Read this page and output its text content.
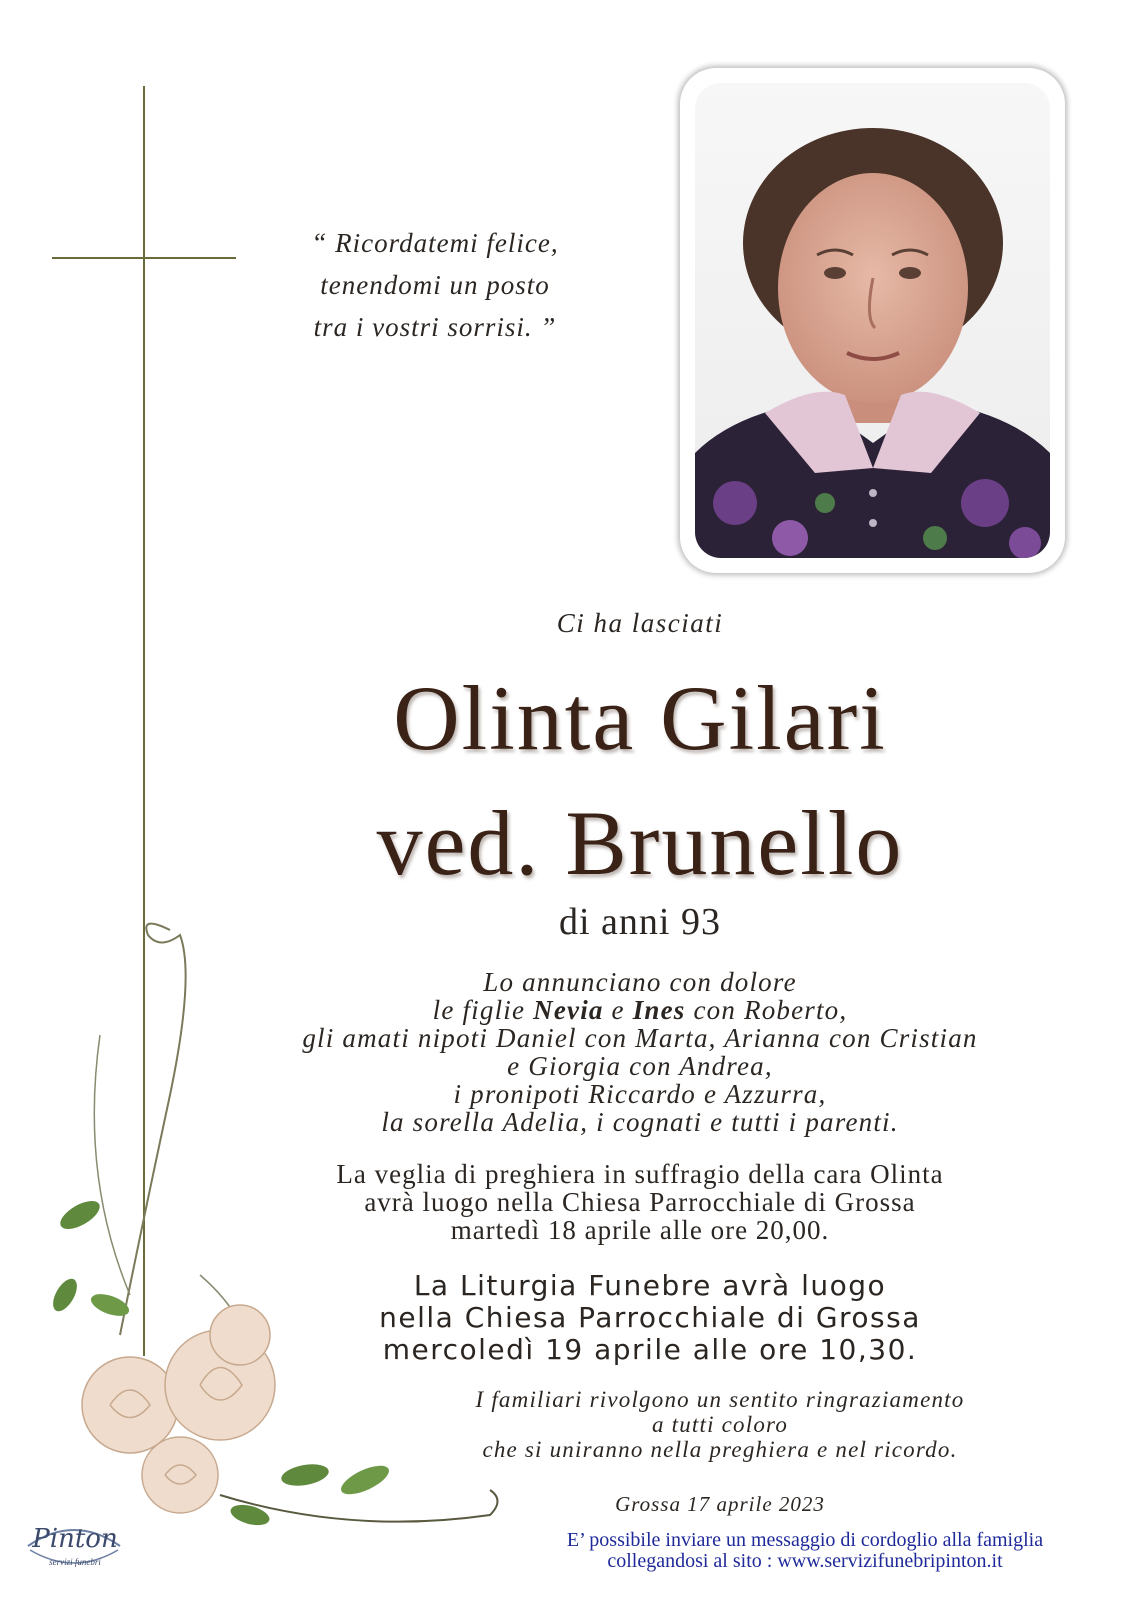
“ Ricordatemi felice,
tenendomi un posto
tra i vostri sorrisi. ”
Ci ha lasciati
Olinta Gilari
ved. Brunello
di anni 93
Lo annunciano con dolore
le figlie Nevia e Ines con Roberto,
gli amati nipoti Daniel con Marta, Arianna con Cristian
e Giorgia con Andrea,
i pronipoti Riccardo e Azzurra,
la sorella Adelia, i cognati e tutti i parenti.
La veglia di preghiera in suffragio della cara Olinta
avrà luogo nella Chiesa Parrocchiale di Grossa
martedì 18 aprile alle ore 20,00.
La Liturgia Funebre avrà luogo
nella Chiesa Parrocchiale di Grossa
mercoledì 19 aprile alle ore 10,30.
I familiari rivolgono un sentito ringraziamento
a tutti coloro
che si uniranno nella preghiera e nel ricordo.
Grossa 17 aprile 2023
E’ possibile inviare un messaggio di cordoglio alla famiglia
collegandosi al sito : www.servizifunebripinton.it
Pinton
servizi funebri
